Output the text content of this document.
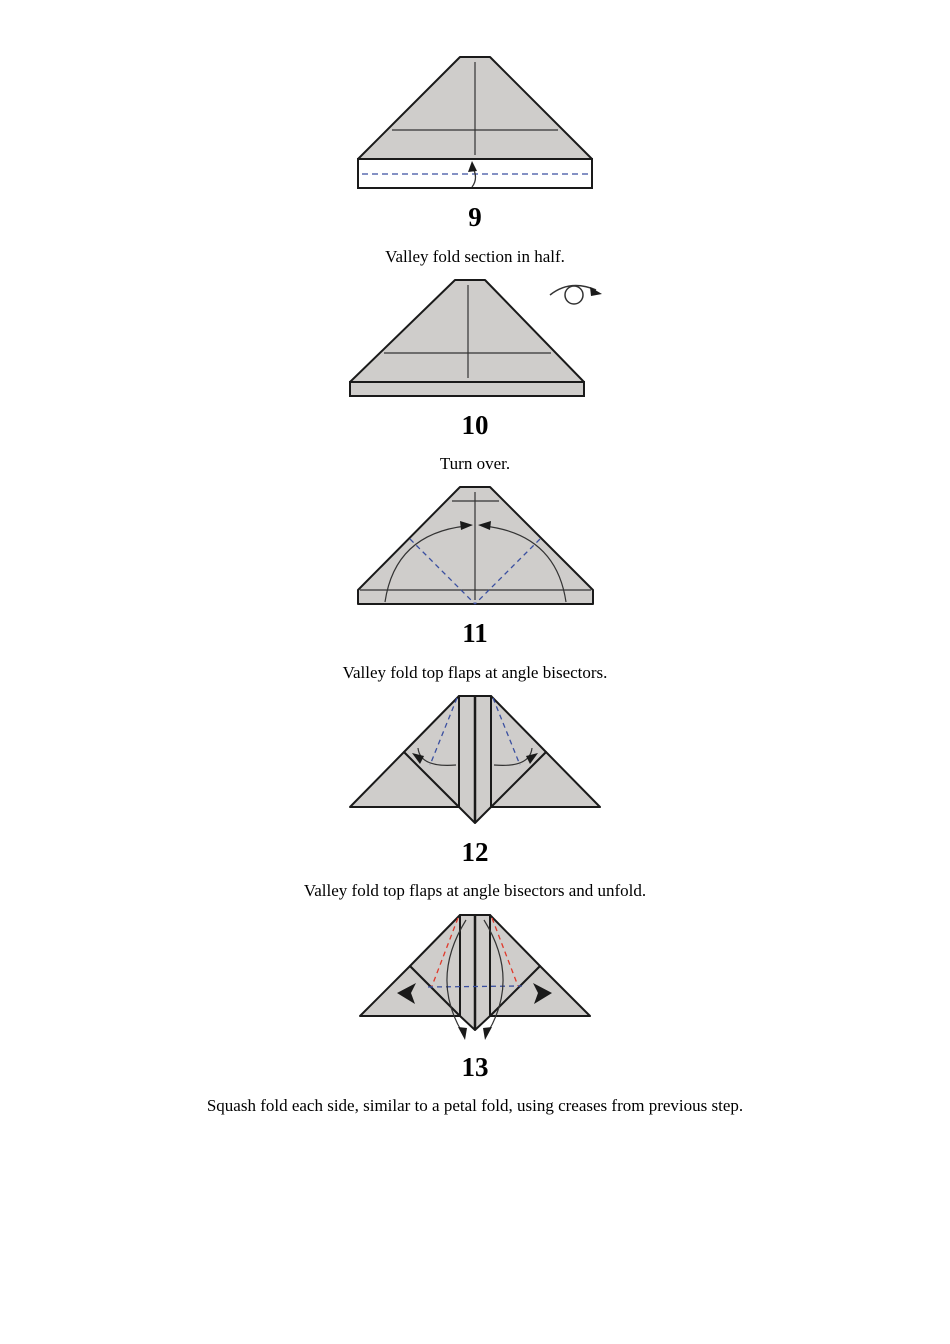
9
Valley fold section in half.
10
Turn over.
11
Valley fold top flaps at angle bisectors.
12
Valley fold top flaps at angle bisectors and unfold.
13
Squash fold each side, similar to a petal fold, using creases from previous step.
